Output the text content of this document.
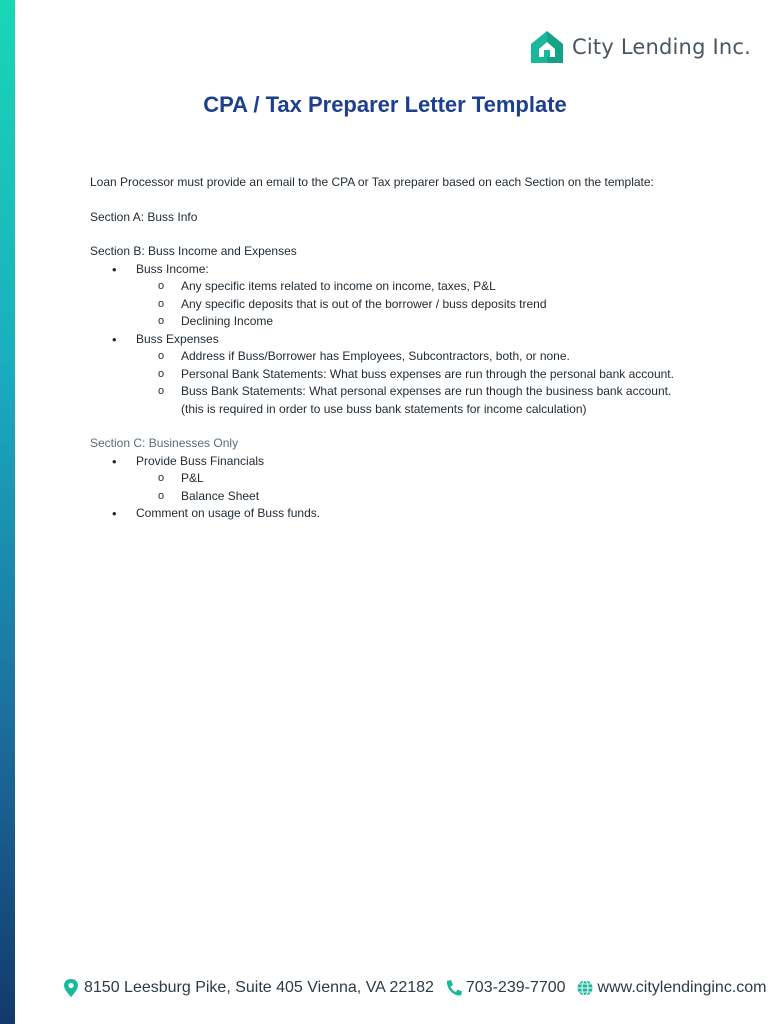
City Lending Inc.
CPA / Tax Preparer Letter Template

Loan Processor must provide an email to the CPA or Tax preparer based on each Section on the template:

Section A: Buss Info

Section B: Buss Income and Expenses

• Buss Income:
o Any specific items related to income on income, taxes, P&L
o Any specific deposits that is out of the borrower / buss deposits trend
o Declining Income
• Buss Expenses
o Address if Buss/Borrower has Employees, Subcontractors, both, or none.
o Personal Bank Statements: What buss expenses are run through the personal bank account.
o Buss Bank Statements: What personal expenses are run though the business bank account. (this is required in order to use buss bank statements for income calculation)

Section C: Businesses Only

• Provide Buss Financials
o P&L
o Balance Sheet
• Comment on usage of Buss funds.
8150 Leesburg Pike, Suite 405 Vienna, VA 22182 703-239-7700 www.citylendinginc.com
